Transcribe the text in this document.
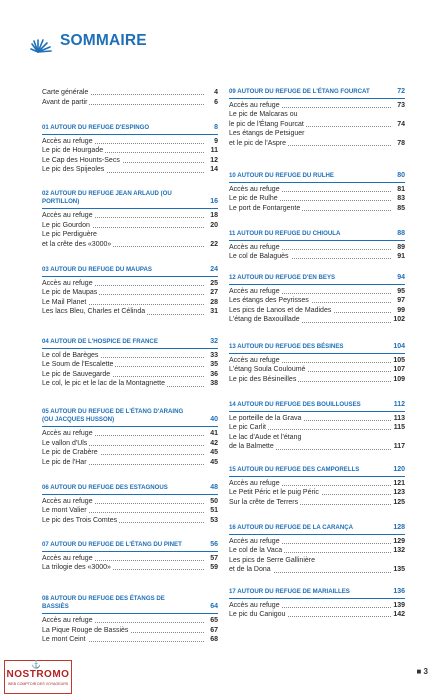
SOMMAIRE
Carte générale	4
Avant de partir	6
01 AUTOUR DU REFUGE D'ESPINGO	8
Accès au refuge	9
Le pic de Hourgade	11
Le Cap des Hounts-Secs	12
Le pic des Spijeoles	14
02 AUTOUR DU REFUGE JEAN ARLAUD (OU PORTILLON)	16
Accès au refuge	18
Le pic Gourdon	20
Le pic Perdiguère
et la crête des «3000»	22
03 AUTOUR DU REFUGE DU MAUPAS	24
Accès au refuge	25
Le pic de Maupas	27
Le Mail Planet	28
Les lacs Bleu, Charles et Célinda	31
04 AUTOUR DE L'HOSPICE DE FRANCE	32
Le col de Barèges	33
Le Soum de l'Escalette	35
Le pic de Sauvegarde	36
Le col, le pic et le lac de la Montagnette	38
05 AUTOUR DU REFUGE DE L'ÉTANG D'ARAING (OU JACQUES HUSSON)	40
Accès au refuge	41
Le vallon d'Uls	42
Le pic de Crabère	45
Le pic de l'Har	45
06 AUTOUR DU REFUGE DES ESTAGNOUS	48
Accès au refuge	50
Le mont Valier	51
Le pic des Trois Comtes	53
07 AUTOUR DU REFUGE DE L'ÉTANG DU PINET	56
Accès au refuge	57
La trilogie des «3000»	59
08 AUTOUR DU REFUGE DES ÉTANGS DE BASSIÈS	64
Accès au refuge	65
La Pique Rouge de Bassiès	67
Le mont Ceint	68
09 AUTOUR DU REFUGE DE L'ÉTANG FOURCAT	72
Accès au refuge	73
Le pic de Malcaras ou
le pic de l'Étang Fourcat	74
Les étangs de Petsiguer
et le pic de l'Aspre	78
10 AUTOUR DU REFUGE DU RULHE	80
Accès au refuge	81
Le pic de Rulhe	83
Le port de Fontargente	85
11 AUTOUR DU REFUGE DU CHIOULA	88
Accès au refuge	89
Le col de Balaguès	91
12 AUTOUR DU REFUGE D'EN BEYS	94
Accès au refuge	95
Les étangs des Peyrisses	97
Les pics de Lanos et de Madides	99
L'étang de Baxouillade	102
13 AUTOUR DU REFUGE DES BÉSINES	104
Accès au refuge	105
L'étang Soula Couloumé	107
Le pic des Bésineilles	109
14 AUTOUR DU REFUGE DES BOUILLOUSES	112
Le porteille de la Grava	113
Le pic Carlit	115
Le lac d'Aude et l'étang
de la Balmette	117
15 AUTOUR DU REFUGE DES CAMPORELLS	120
Accès au refuge	121
Le Petit Péric et le puig Péric	123
Sur la crête de Terrers	125
16 AUTOUR DU REFUGE DE LA CARANÇA	128
Accès au refuge	129
Le col de la Vaca	132
Les pics de Serre Gallinière
et de la Dona	135
17 AUTOUR DU REFUGE DE MARIAILLES	136
Accès au refuge	139
Le pic du Canigou	142
⚓
NOSTROMO
WEB COMPTOIR DES VOYAGEURS
■ 3
